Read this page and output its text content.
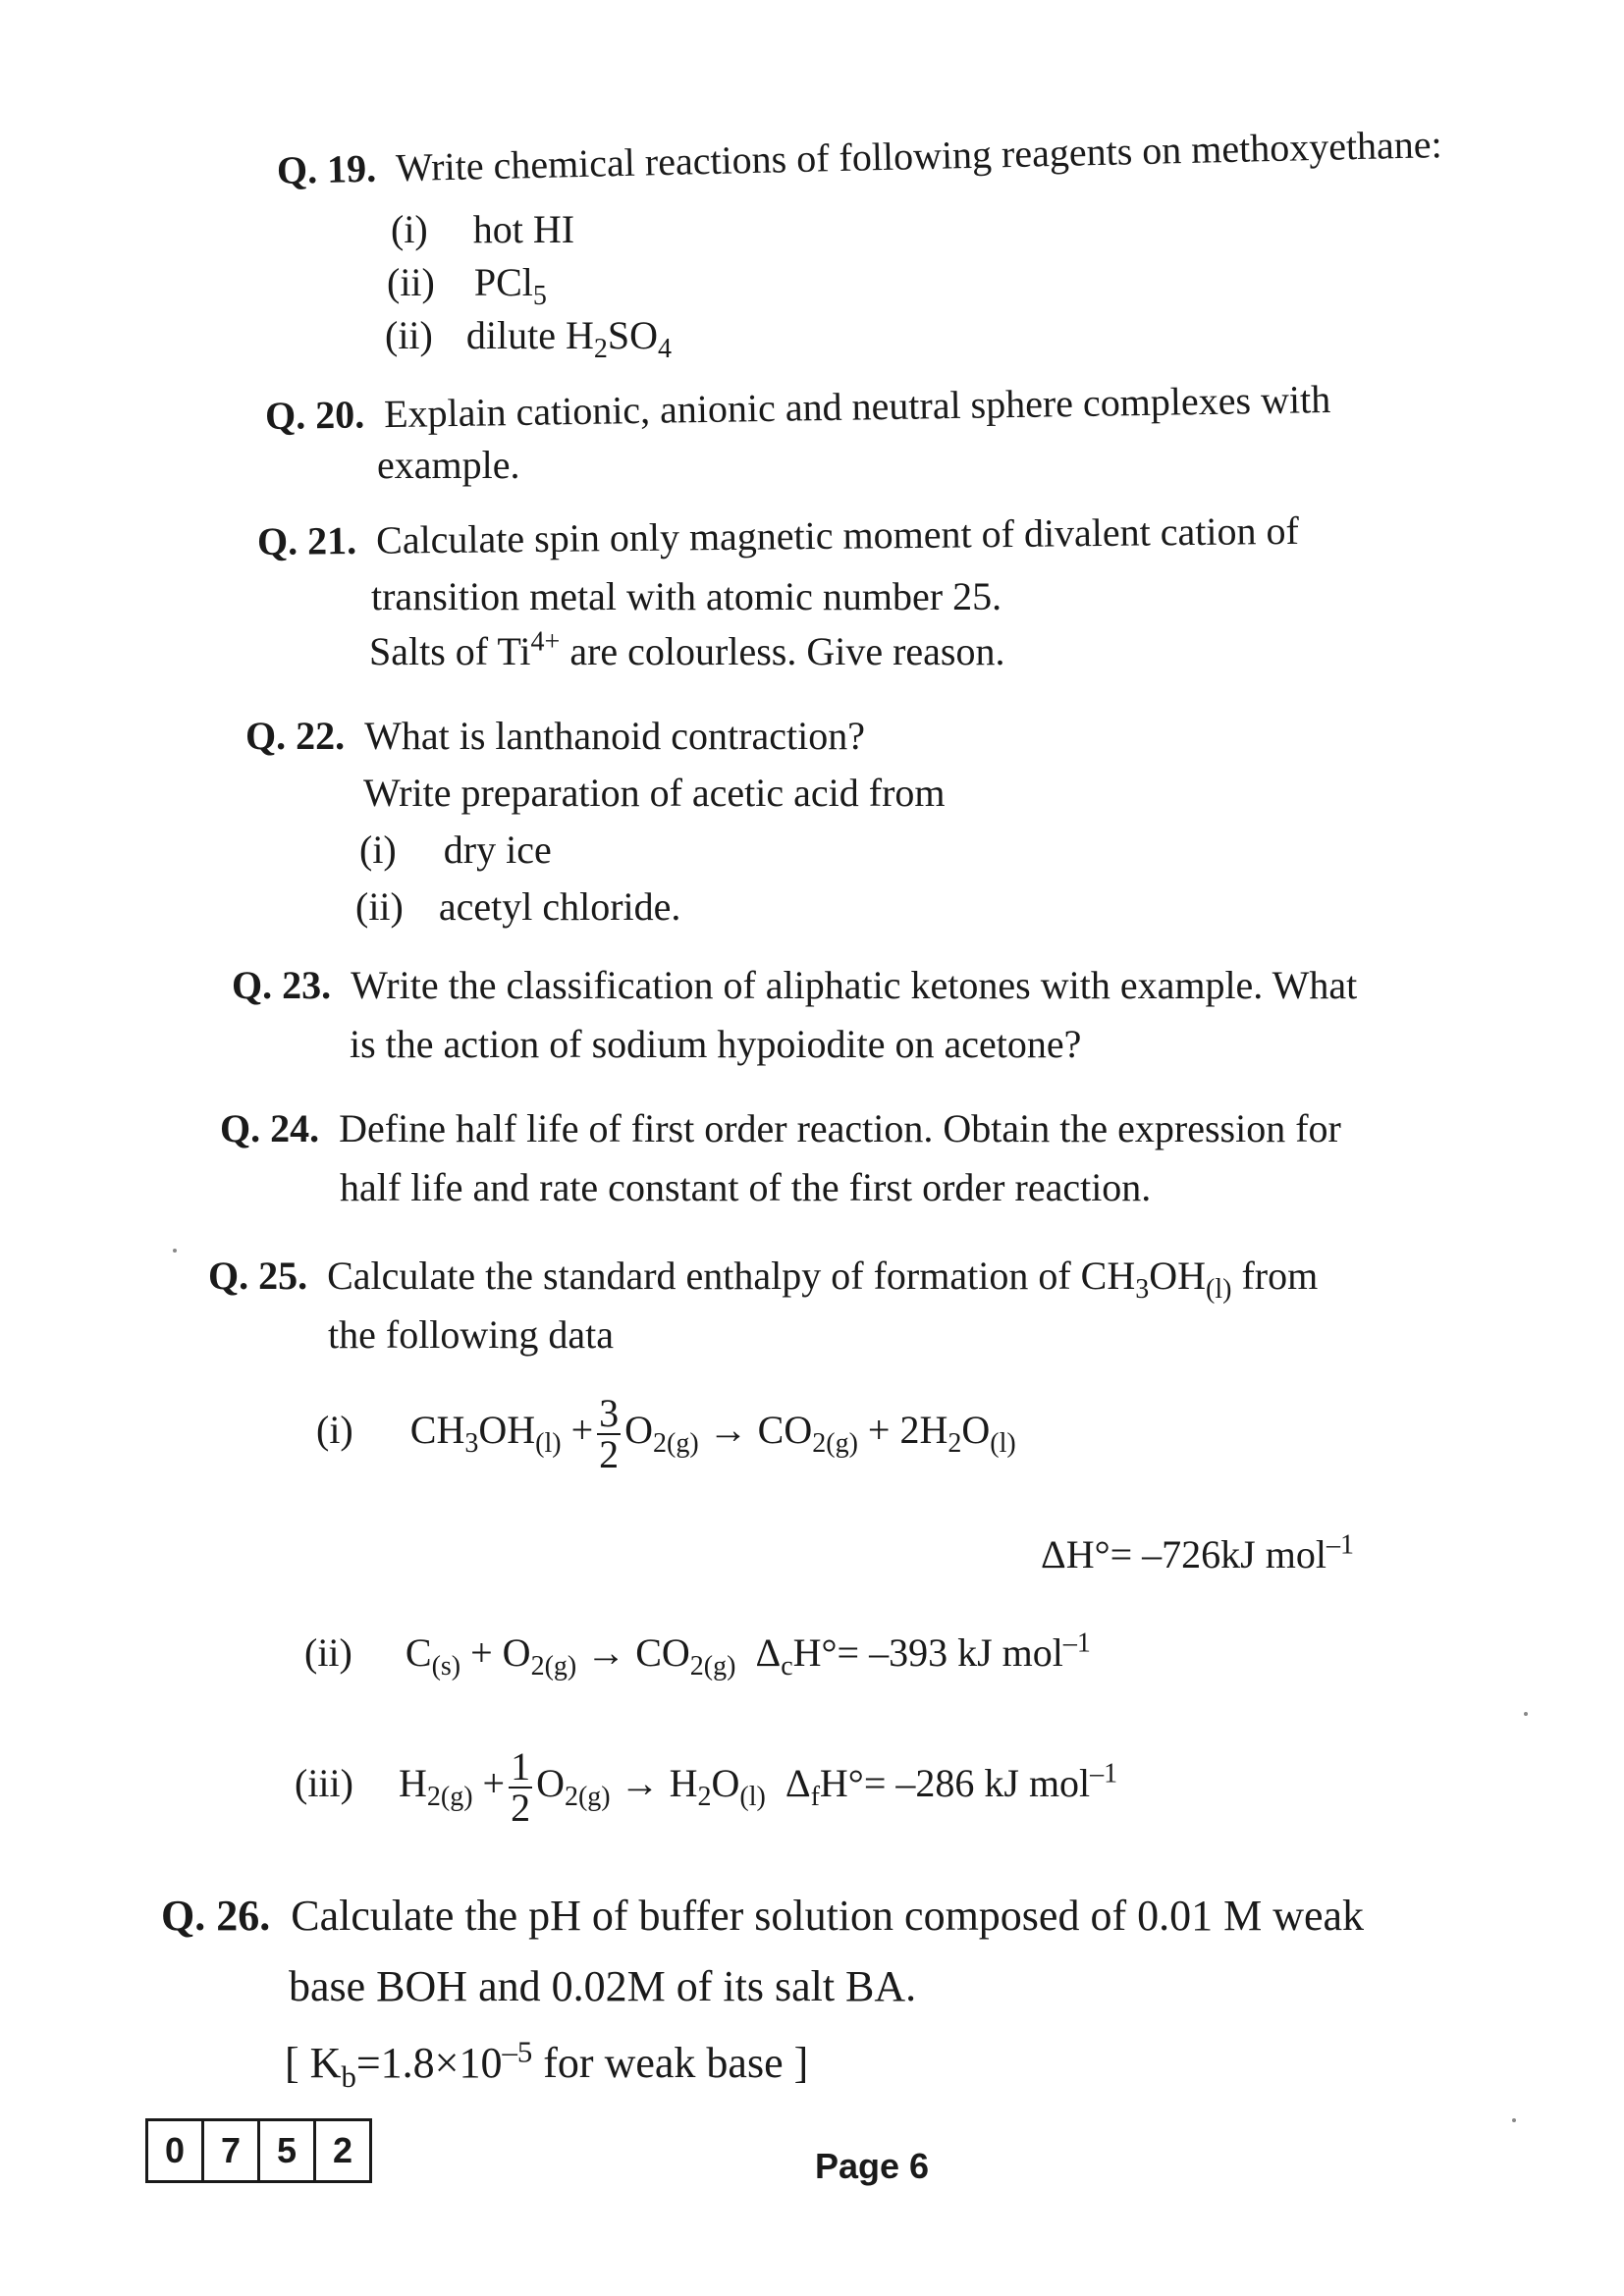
Q. 19. Write chemical reactions of following reagents on methoxyethane:
(i) hot HI
(ii) PCl$_5$
(ii) dilute $H_2SO_4$
Q. 20. Explain cationic, anionic and neutral sphere complexes with
example.
Q. 21. Calculate spin only magnetic moment of divalent cation of
transition metal with atomic number 25.
Salts of $Ti^{4+}$ are colourless. Give reason.
Q. 22. What is lanthanoid contraction?
Write preparation of acetic acid from
(i) dry ice
(ii) acetyl chloride.
Q. 23. Write the classification of aliphatic ketones with example. What
is the action of sodium hypoiodite on acetone?
Q. 24. Define half life of first order reaction. Obtain the expression for
half life and rate constant of the first order reaction.
Q. 25. Calculate the standard enthalpy of formation of $CH_3OH_{(l)}$ from
the following data
(i) $CH_3OH_{(l)} + \frac{3}{2} O_{2(g)} \to CO_{2(g)} + 2H_2O_{(l)}$
ΔH°= –726kJ mol$^{-1}$
(ii) $C_{(s)} + O_{2(g)} \to CO_{2(g)}$  $\Delta_cH^\circ= -393$ kJ mol$^{-1}$
(iii) $H_{2(g)} + \frac{1}{2} O_{2(g)} \to H_2O_{(l)}$  $\Delta_fH^\circ= -286$ kJ mol$^{-1}$
Q. 26. Calculate the pH of buffer solution composed of 0.01 M weak
base BOH and 0.02M of its salt BA.
[ $K_b=1.8\times 10^{-5}$ for weak base ]
0	7	5	2	Page 6
